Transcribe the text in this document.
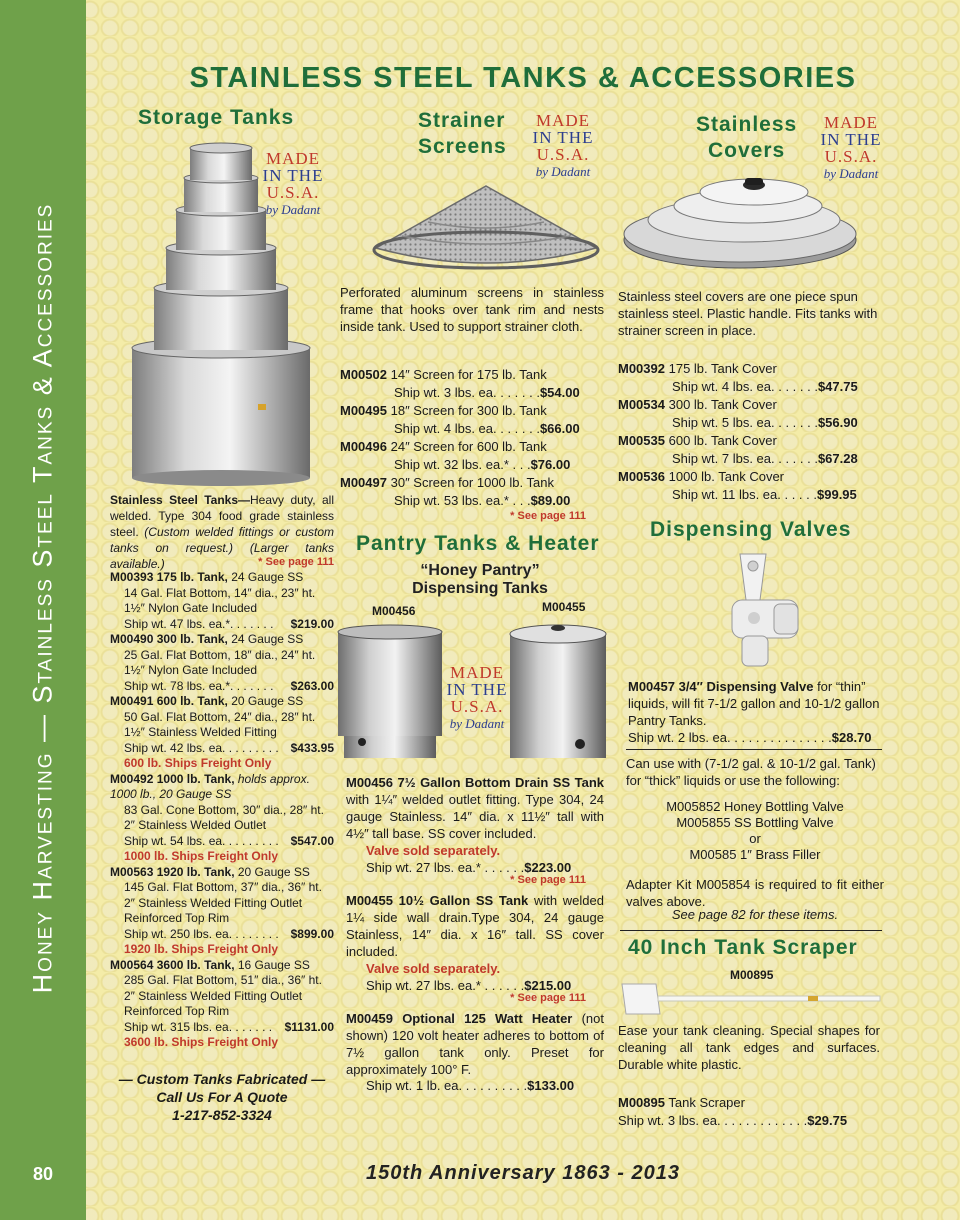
Honey Harvesting — Stainless Steel Tanks & Accessories
80
STAINLESS STEEL TANKS & ACCESSORIES
Storage Tanks
MADE
IN THE
U.S.A.
by Dadant
Stainless Steel Tanks—Heavy duty, all welded. Type 304 food grade stainless steel. (Custom welded fittings or custom tanks on request.) (Larger tanks available.)	* See page 111
M00393 175 lb. Tank, 24 Gauge SS
14 Gal. Flat Bottom, 14″ dia., 23″ ht.
1½″ Nylon Gate Included
Ship wt. 47 lbs. ea.*. . . . . . . $219.00
M00490 300 lb. Tank, 24 Gauge SS
25 Gal. Flat Bottom, 18″ dia., 24″ ht.
1½″ Nylon Gate Included
Ship wt. 78 lbs. ea.*. . . . . . . $263.00
M00491 600 lb. Tank, 20 Gauge SS
50 Gal. Flat Bottom, 24″ dia., 28″ ht.
1½″ Stainless Welded Fitting
Ship wt. 42 lbs. ea. . . . . . . . . $433.95
600 lb. Ships Freight Only
M00492 1000 lb. Tank, holds approx. 1000 lb., 20 Gauge SS
83 Gal. Cone Bottom, 30″ dia., 28″ ht.
2″ Stainless Welded Outlet
Ship wt. 54 lbs. ea. . . . . . . . . $547.00
1000 lb. Ships Freight Only
M00563 1920 lb. Tank, 20 Gauge SS
145 Gal. Flat Bottom, 37″ dia., 36″ ht.
2″ Stainless Welded Fitting Outlet
Reinforced Top Rim
Ship wt. 250 lbs. ea. . . . . . . . $899.00
1920 lb. Ships Freight Only
M00564 3600 lb. Tank, 16 Gauge SS
285 Gal. Flat Bottom, 51″ dia., 36″ ht.
2″ Stainless Welded Fitting Outlet
Reinforced Top Rim
Ship wt. 315 lbs. ea. . . . . . . $1131.00
3600 lb. Ships Freight Only
— Custom Tanks Fabricated —
Call Us For A Quote
1-217-852-3324
Strainer
Screens
MADE
IN THE
U.S.A.
by Dadant
Perforated aluminum screens in stainless frame that hooks over tank rim and nests inside tank. Used to support strainer cloth.
M00502 14″ Screen for 175 lb. Tank
Ship wt. 3 lbs. ea. . . . . . .$54.00
M00495 18″ Screen for 300 lb. Tank
Ship wt. 4 lbs. ea. . . . . . .$66.00
M00496 24″ Screen for 600 lb. Tank
Ship wt. 32 lbs. ea.* . . .$76.00
M00497 30″ Screen for 1000 lb. Tank
Ship wt. 53 lbs. ea.* . . .$89.00
* See page 111
Stainless
Covers
MADE
IN THE
U.S.A.
by Dadant
Stainless steel covers are one piece spun stainless steel. Plastic handle. Fits tanks with strainer screen in place.
M00392 175 lb. Tank Cover
Ship wt. 4 lbs. ea. . . . . . .$47.75
M00534 300 lb. Tank Cover
Ship wt. 5 lbs. ea. . . . . . .$56.90
M00535 600 lb. Tank Cover
Ship wt. 7 lbs. ea. . . . . . .$67.28
M00536 1000 lb. Tank Cover
Ship wt. 11 lbs. ea. . . . . .$99.95
Pantry Tanks & Heater
“Honey Pantry”
Dispensing Tanks
M00456	M00455
MADE
IN THE
U.S.A.
by Dadant
M00456 7½ Gallon Bottom Drain SS Tank with 1¼″ welded outlet fitting. Type 304, 24 gauge Stainless. 14″ dia. x 11½″ tall with 4½″ tall base. SS cover included.
Valve sold separately.
Ship wt. 27 lbs. ea.* . . . . . .$223.00
* See page 111
M00455 10½ Gallon SS Tank with welded 1¼ side wall drain.Type 304, 24 gauge Stainless, 14″ dia. x 16″ tall. SS cover included.
Valve sold separately.
Ship wt. 27 lbs. ea.* . . . . . .$215.00
* See page 111
M00459 Optional 125 Watt Heater (not shown) 120 volt heater adheres to bottom of 7½ gallon tank only. Preset for approximately 100° F.
Ship wt. 1 lb. ea. . . . . . . . . .$133.00
Dispensing Valves
M00457 3/4″ Dispensing Valve for “thin” liquids, will fit 7-1/2 gallon and 10-1/2 gallon Pantry Tanks.
Ship wt. 2 lbs. ea. . . . . . . . . . . . . . .$28.70
Can use with (7-1/2 gal. & 10-1/2 gal. Tank) for “thick” liquids or use the following:
M005852 Honey Bottling Valve
M005855 SS Bottling Valve
or
M00585 1″ Brass Filler
Adapter Kit M005854 is required to fit either valves above.
See page 82 for these items.
40 Inch Tank Scraper
M00895
Ease your tank cleaning. Special shapes for cleaning all tank edges and surfaces. Durable white plastic.
M00895 Tank Scraper
Ship wt. 3 lbs. ea. . . . . . . . . . . . .$29.75
150th Anniversary 1863 - 2013
